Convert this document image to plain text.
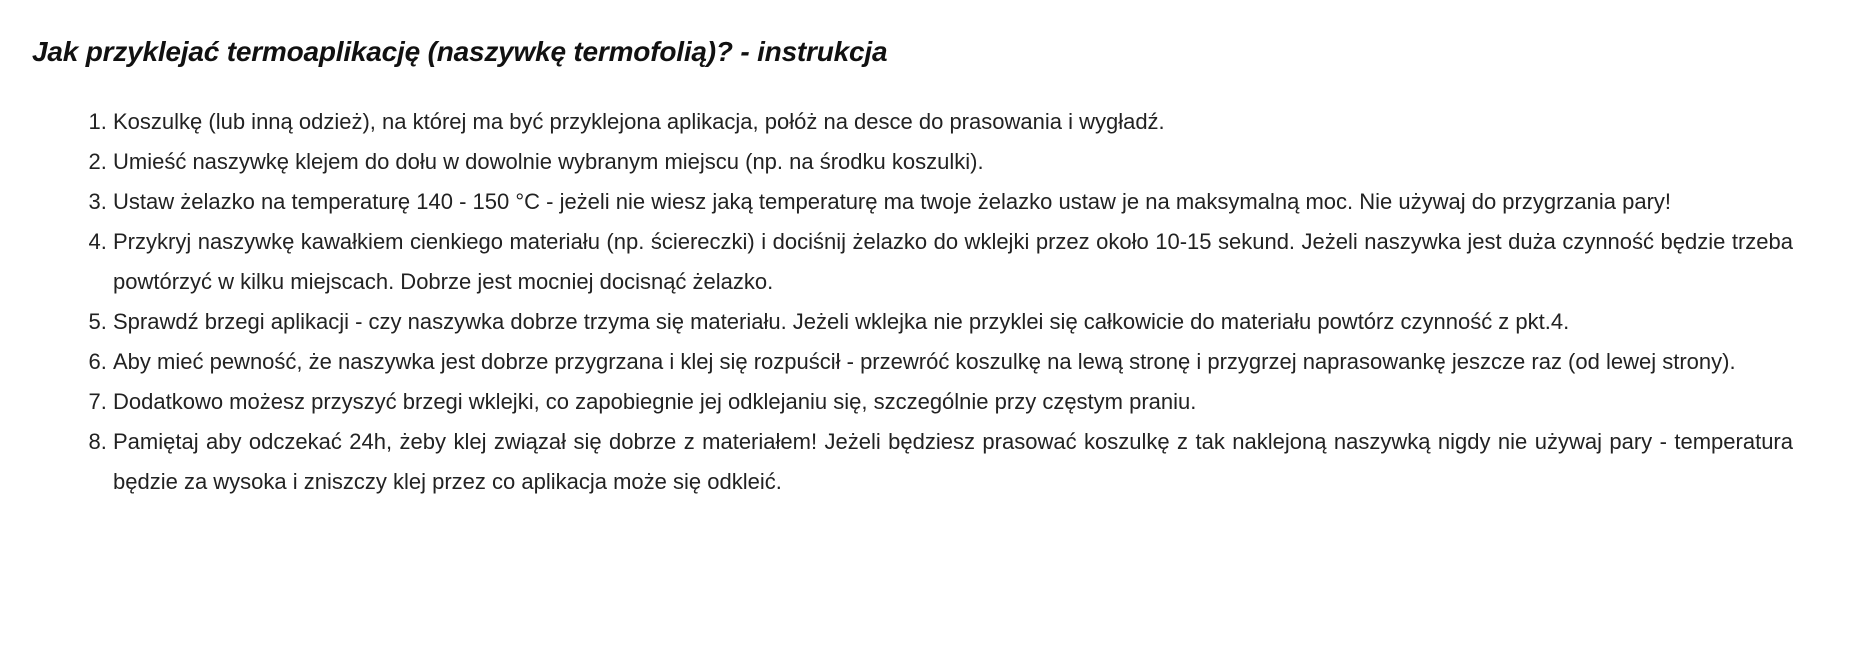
Jak przyklejać termoaplikację (naszywkę termofolią)? - instrukcja
1. Koszulkę (lub inną odzież), na której ma być przyklejona aplikacja, połóż na desce do prasowania i wygładź.
2. Umieść naszywkę klejem do dołu w dowolnie wybranym miejscu (np. na środku koszulki).
3. Ustaw żelazko na temperaturę 140 - 150 °C - jeżeli nie wiesz jaką temperaturę ma twoje żelazko ustaw je na maksymalną moc. Nie używaj do przygrzania pary!
4. Przykryj naszywkę kawałkiem cienkiego materiału (np. ściereczki) i dociśnij żelazko do wklejki przez około 10-15 sekund. Jeżeli naszywka jest duża czynność będzie trzeba powtórzyć w kilku miejscach. Dobrze jest mocniej docisnąć żelazko.
5. Sprawdź brzegi aplikacji - czy naszywka dobrze trzyma się materiału. Jeżeli wklejka nie przyklei się całkowicie do materiału powtórz czynność z pkt.4.
6. Aby mieć pewność, że naszywka jest dobrze przygrzana i klej się rozpuścił - przewróć koszulkę na lewą stronę i przygrzej naprasowankę jeszcze raz (od lewej strony).
7. Dodatkowo możesz przyszyć brzegi wklejki, co zapobiegnie jej odklejaniu się, szczególnie przy częstym praniu.
8. Pamiętaj aby odczekać 24h, żeby klej związał się dobrze z materiałem! Jeżeli będziesz prasować koszulkę z tak naklejoną naszywką nigdy nie używaj pary - temperatura będzie za wysoka i zniszczy klej przez co aplikacja może się odkleić.
